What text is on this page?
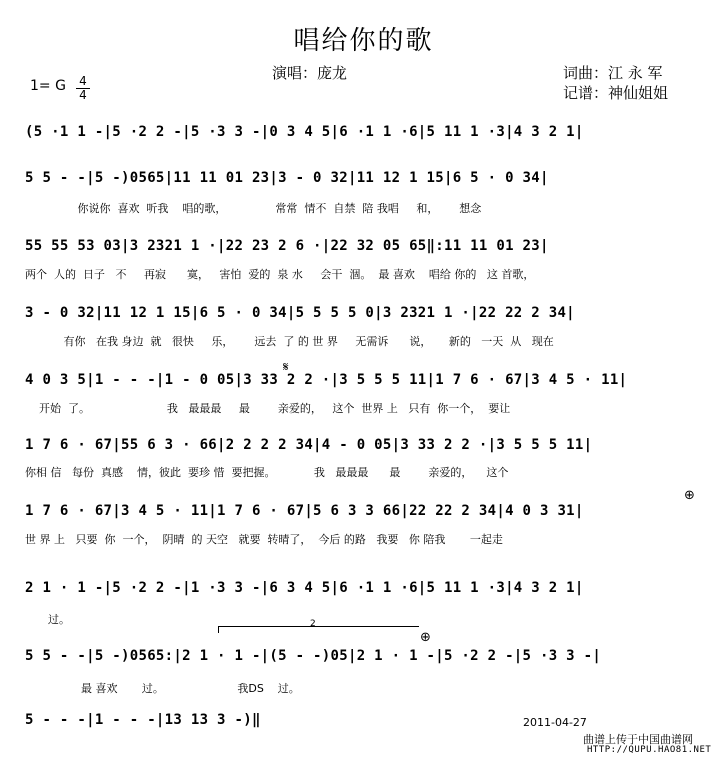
唱给你的歌
演唱：庞龙	词曲：江 永 军
记谱：神仙姐姐
1= G 4
4
(5 ·1 1 -|5 ·2 2 -|5 ·3 3 -|0 3 4 5|6 ·1 1 ·6|5 11 1 ·3|4 3 2 1|
5 5 - -|5 -)0565|11 11 01 23|3 - 0 32|11 12 1 15|6 5 · 0 34|
你说你  喜欢  听我    唱的歌，              常常  情不  自禁  陪 我唱     和，      想念
55 55 53 03|3 2321 1 ·|22 23 2 6 ·|22 32 05 65‖:11 11 01 23|
两个  人的  日子   不     再寂      寞，   害怕  爱的  泉 水     会干  涸。  最 喜欢    唱给 你的   这 首歌，
3 - 0 32|11 12 1 15|6 5 · 0 34|5 5 5 5 0|3 2321 1 ·|22 22 2 34|
有你   在我 身边  就   很快     乐，      远去  了 的 世 界     无需诉      说，     新的   一天  从   现在
𝄋
4 0 3 5|1 - - -|1 - 0 05|3 33 2 2 ·|3 5 5 5 11|1 7 6 · 67|3 4 5 · 11|
开始  了。                      我   最最最     最        亲爱的，   这个  世界 上   只有  你一个，  要让
1 7 6 · 67|55 6 3 · 66|2 2 2 2 34|4 - 0 05|3 33 2 2 ·|3 5 5 5 11|
你相 信   每份  真感    情，彼此  要珍 惜  要把握。           我   最最最      最        亲爱的，    这个
⊕
1 7 6 · 67|3 4 5 · 11|1 7 6 · 67|5 6 3 3 66|22 22 2 34|4 0 3 31|
世 界 上   只要  你  一个，  阴晴  的 天空   就要  转晴了，  今后 的路   我要   你 陪我       一起走
2 1 · 1 -|5 ·2 2 -|1 ·3 3 -|6 3 4 5|6 ·1 1 ·6|5 11 1 ·3|4 3 2 1|
过。	2
⊕
5 5 - -|5 -)0565:|2 1 · 1 -|(5 - -)05|2 1 · 1 -|5 ·2 2 -|5 ·3 3 -|
最 喜欢       过。                     我DS    过。
5 - - -|1 - - -|13 13 3 -)‖	2011-04-27
曲谱上传于中国曲谱网
HTTP://QUPU.HAO81.NET
